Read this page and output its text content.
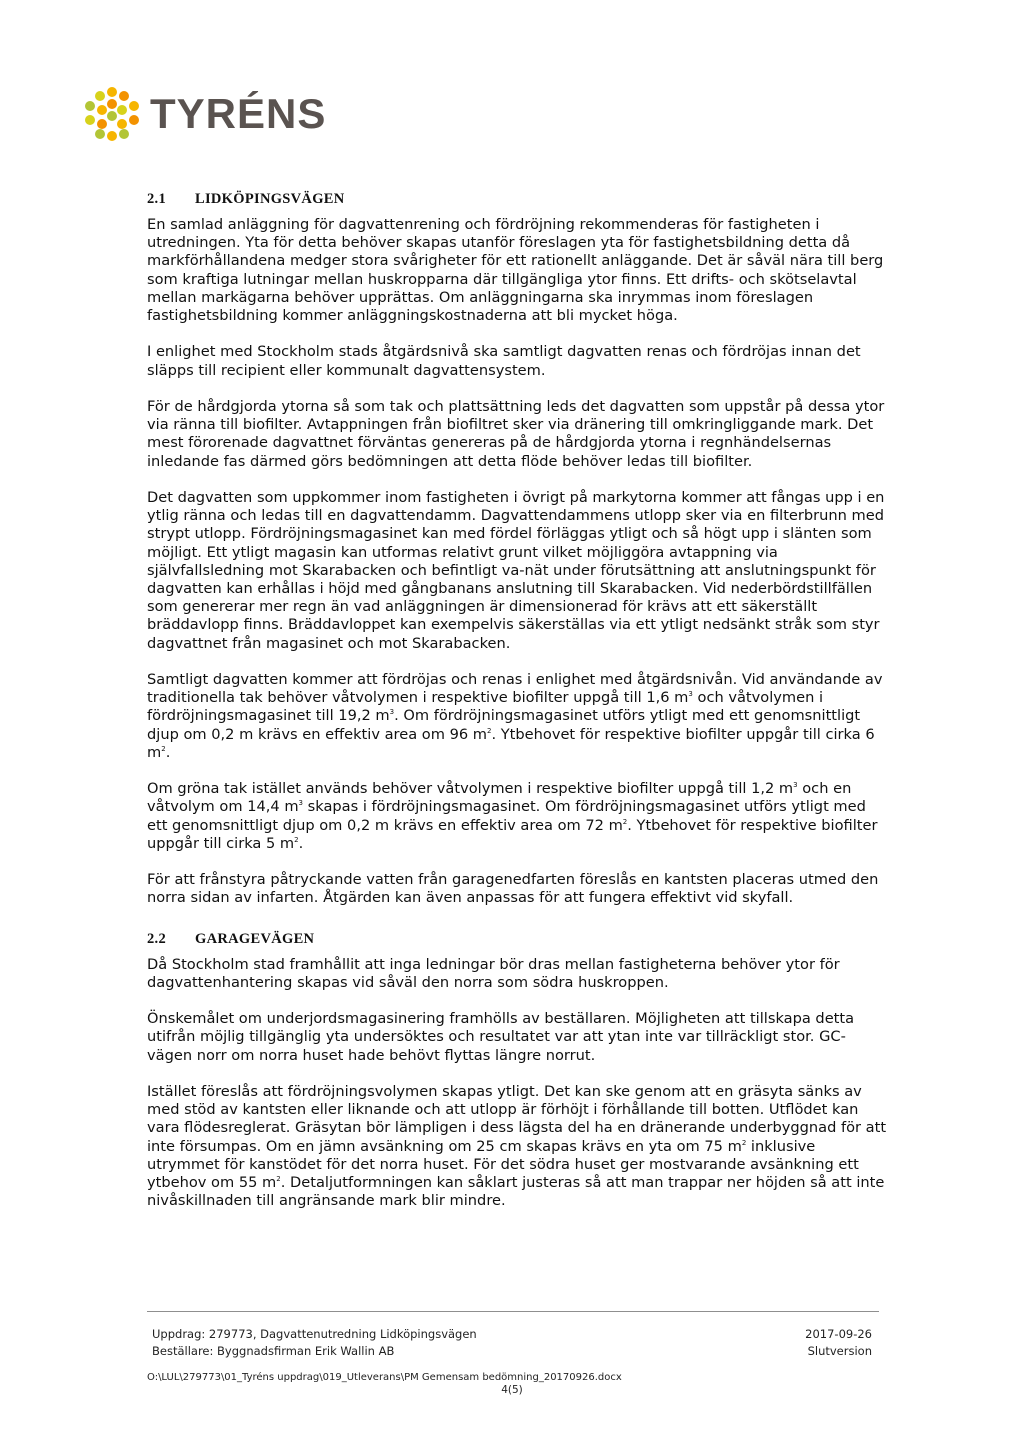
TYRÉNS
2.1 LIDKÖPINGSVÄGEN

En samlad anläggning för dagvattenrening och fördröjning rekommenderas för fastigheten i utredningen. Yta för detta behöver skapas utanför föreslagen yta för fastighetsbildning detta då markförhållandena medger stora svårigheter för ett rationellt anläggande. Det är såväl nära till berg som kraftiga lutningar mellan huskropparna där tillgängliga ytor finns. Ett drifts- och skötselavtal mellan markägarna behöver upprättas. Om anläggningarna ska inrymmas inom föreslagen fastighetsbildning kommer anläggningskostnaderna att bli mycket höga.

I enlighet med Stockholm stads åtgärdsnivå ska samtligt dagvatten renas och fördröjas innan det släpps till recipient eller kommunalt dagvattensystem.

För de hårdgjorda ytorna så som tak och plattsättning leds det dagvatten som uppstår på dessa ytor via ränna till biofilter. Avtappningen från biofiltret sker via dränering till omkringliggande mark. Det mest förorenade dagvattnet förväntas genereras på de hårdgjorda ytorna i regnhändelsernas inledande fas därmed görs bedömningen att detta flöde behöver ledas till biofilter.

Det dagvatten som uppkommer inom fastigheten i övrigt på markytorna kommer att fångas upp i en ytlig ränna och ledas till en dagvattendamm. Dagvattendammens utlopp sker via en filterbrunn med strypt utlopp. Fördröjningsmagasinet kan med fördel förläggas ytligt och så högt upp i slänten som möjligt. Ett ytligt magasin kan utformas relativt grunt vilket möjliggöra avtappning via självfallsledning mot Skarabacken och befintligt va-nät under förutsättning att anslutningspunkt för dagvatten kan erhållas i höjd med gångbanans anslutning till Skarabacken. Vid nederbördstillfällen som genererar mer regn än vad anläggningen är dimensionerad för krävs att ett säkerställt bräddavlopp finns. Bräddavloppet kan exempelvis säkerställas via ett ytligt nedsänkt stråk som styr dagvattnet från magasinet och mot Skarabacken.

Samtligt dagvatten kommer att fördröjas och renas i enlighet med åtgärdsnivån. Vid användande av traditionella tak behöver våtvolymen i respektive biofilter uppgå till 1,6 $m^3$ och våtvolymen i fördröjningsmagasinet till 19,2 $m^3$. Om fördröjningsmagasinet utförs ytligt med ett genomsnittligt djup om 0,2 m krävs en effektiv area om 96 $m^2$. Ytbehovet för respektive biofilter uppgår till cirka 6 $m^2$.

Om gröna tak istället används behöver våtvolymen i respektive biofilter uppgå till 1,2 $m^3$ och en våtvolym om 14,4 $m^3$ skapas i fördröjningsmagasinet. Om fördröjningsmagasinet utförs ytligt med ett genomsnittligt djup om 0,2 m krävs en effektiv area om 72 $m^2$. Ytbehovet för respektive biofilter uppgår till cirka 5 $m^2$.

För att frånstyra påtryckande vatten från garagenedfarten föreslås en kantsten placeras utmed den norra sidan av infarten. Åtgärden kan även anpassas för att fungera effektivt vid skyfall.

2.2 GARAGEVÄGEN

Då Stockholm stad framhållit att inga ledningar bör dras mellan fastigheterna behöver ytor för dagvattenhantering skapas vid såväl den norra som södra huskroppen.

Önskemålet om underjordsmagasinering framhölls av beställaren. Möjligheten att tillskapa detta utifrån möjlig tillgänglig yta undersöktes och resultatet var att ytan inte var tillräckligt stor. GC-vägen norr om norra huset hade behövt flyttas längre norrut.

Istället föreslås att fördröjningsvolymen skapas ytligt. Det kan ske genom att en gräsyta sänks av med stöd av kantsten eller liknande och att utlopp är förhöjt i förhållande till botten. Utflödet kan vara flödesreglerat. Gräsytan bör lämpligen i dess lägsta del ha en dränerande underbyggnad för att inte försumpas. Om en jämn avsänkning om 25 cm skapas krävs en yta om 75 $m^2$ inklusive utrymmet för kanstödet för det norra huset. För det södra huset ger mostvarande avsänkning ett ytbehov om 55 $m^2$. Detaljutformningen kan såklart justeras så att man trappar ner höjden så att inte nivåskillnaden till angränsande mark blir mindre.

Uppdrag: 279773, Dagvattenutredning Lidköpingsvägen	2017-09-26
Beställare: Byggnadsfirman Erik Wallin AB	Slutversion
O:\LUL\279773\01_Tyréns uppdrag\019_Utleverans\PM Gemensam bedömning_20170926.docx
4(5)
